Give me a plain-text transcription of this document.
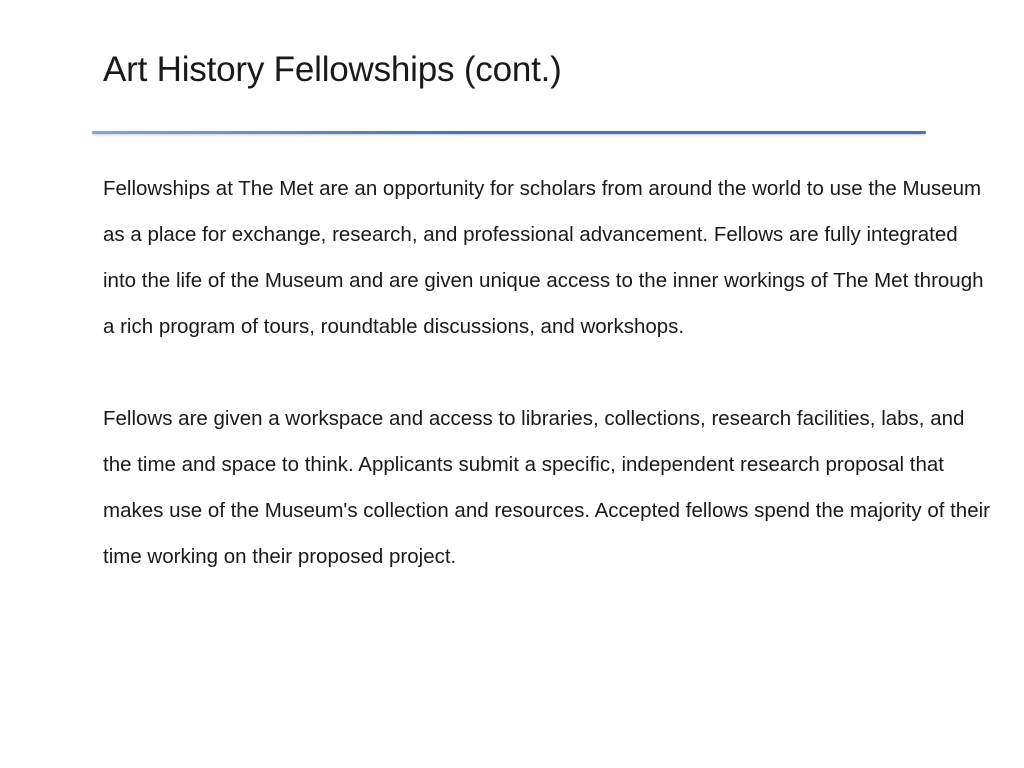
Art History Fellowships (cont.)

Fellowships at The Met are an opportunity for scholars from around the world to use the Museum as a place for exchange, research, and professional advancement. Fellows are fully integrated into the life of the Museum and are given unique access to the inner workings of The Met through a rich program of tours, roundtable discussions, and workshops.

Fellows are given a workspace and access to libraries, collections, research facilities, labs, and the time and space to think. Applicants submit a specific, independent research proposal that makes use of the Museum's collection and resources. Accepted fellows spend the majority of their time working on their proposed project.
